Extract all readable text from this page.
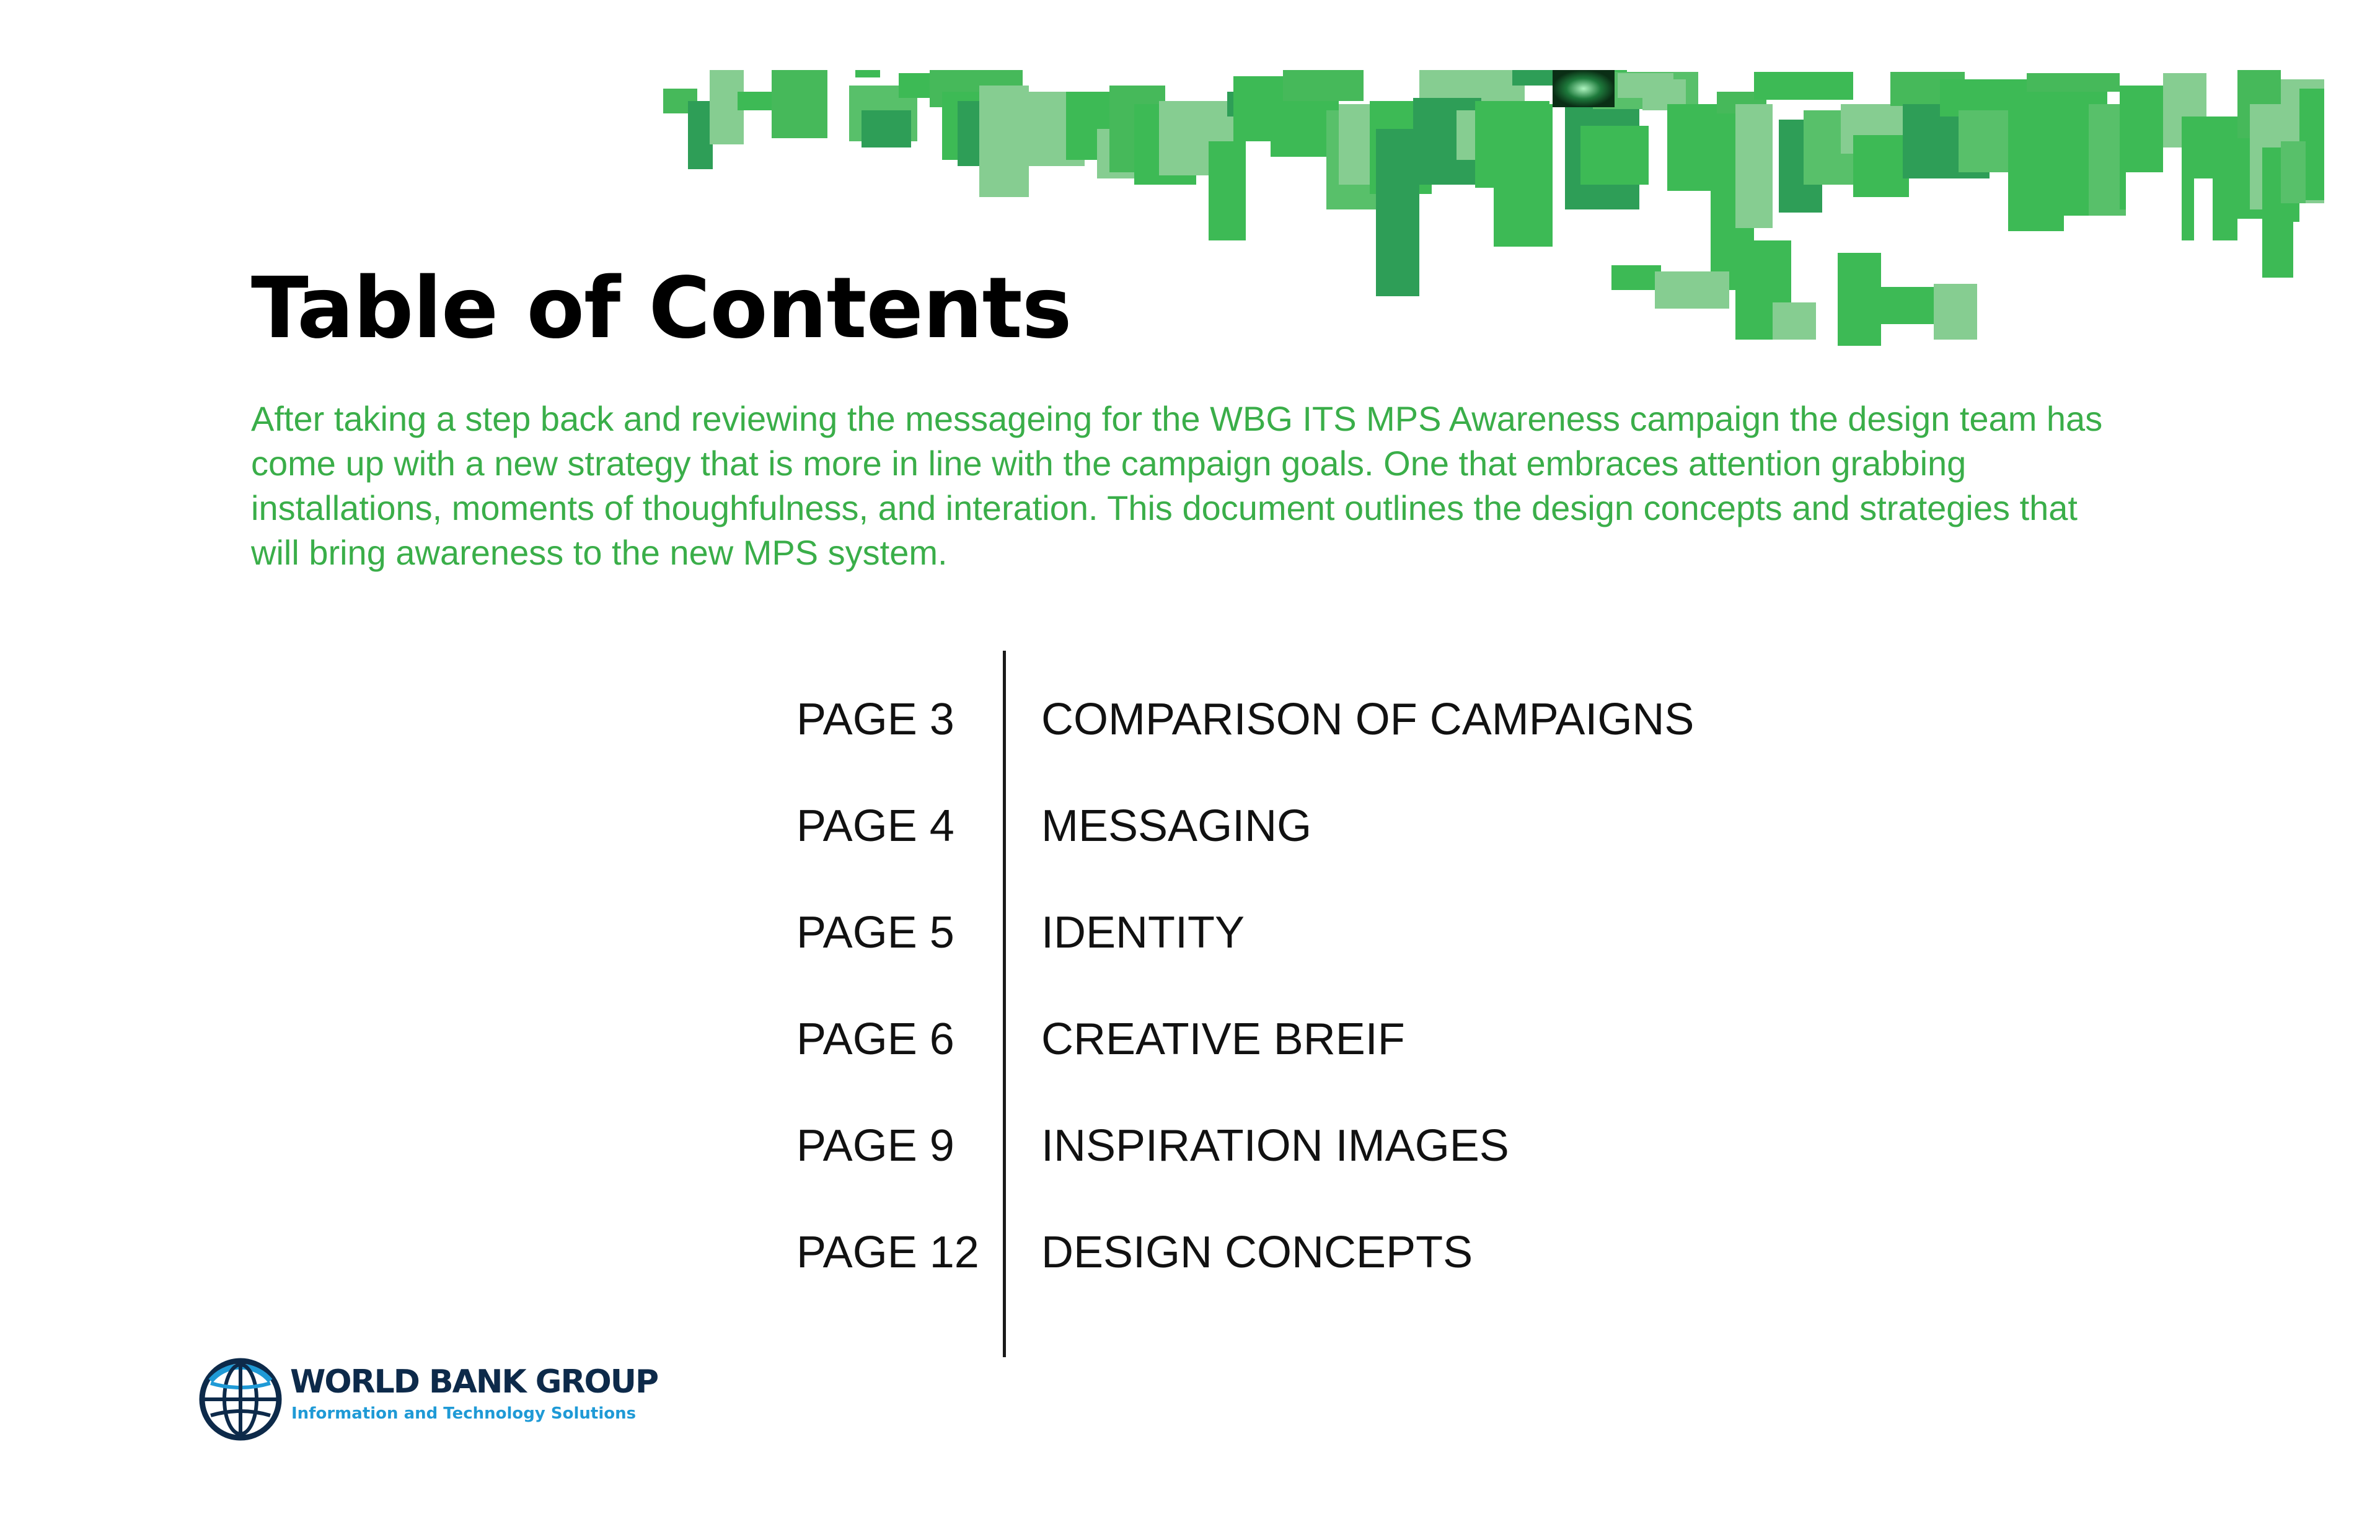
Table of Contents

After taking a step back and reviewing the messageing for the WBG ITS MPS Awareness campaign the design team has come up with a new strategy that is more in line with the campaign goals. One that embraces attention grabbing installations, moments of thoughfulness, and interation. This document outlines the design concepts and strategies that will bring awareness to the new MPS system.

PAGE 3 COMPARISON OF CAMPAIGNS
PAGE 4 MESSAGING
PAGE 5 IDENTITY
PAGE 6 CREATIVE BREIF
PAGE 9 INSPIRATION IMAGES
PAGE 12 DESIGN CONCEPTS
WORLD BANK GROUP
Information and Technology Solutions
